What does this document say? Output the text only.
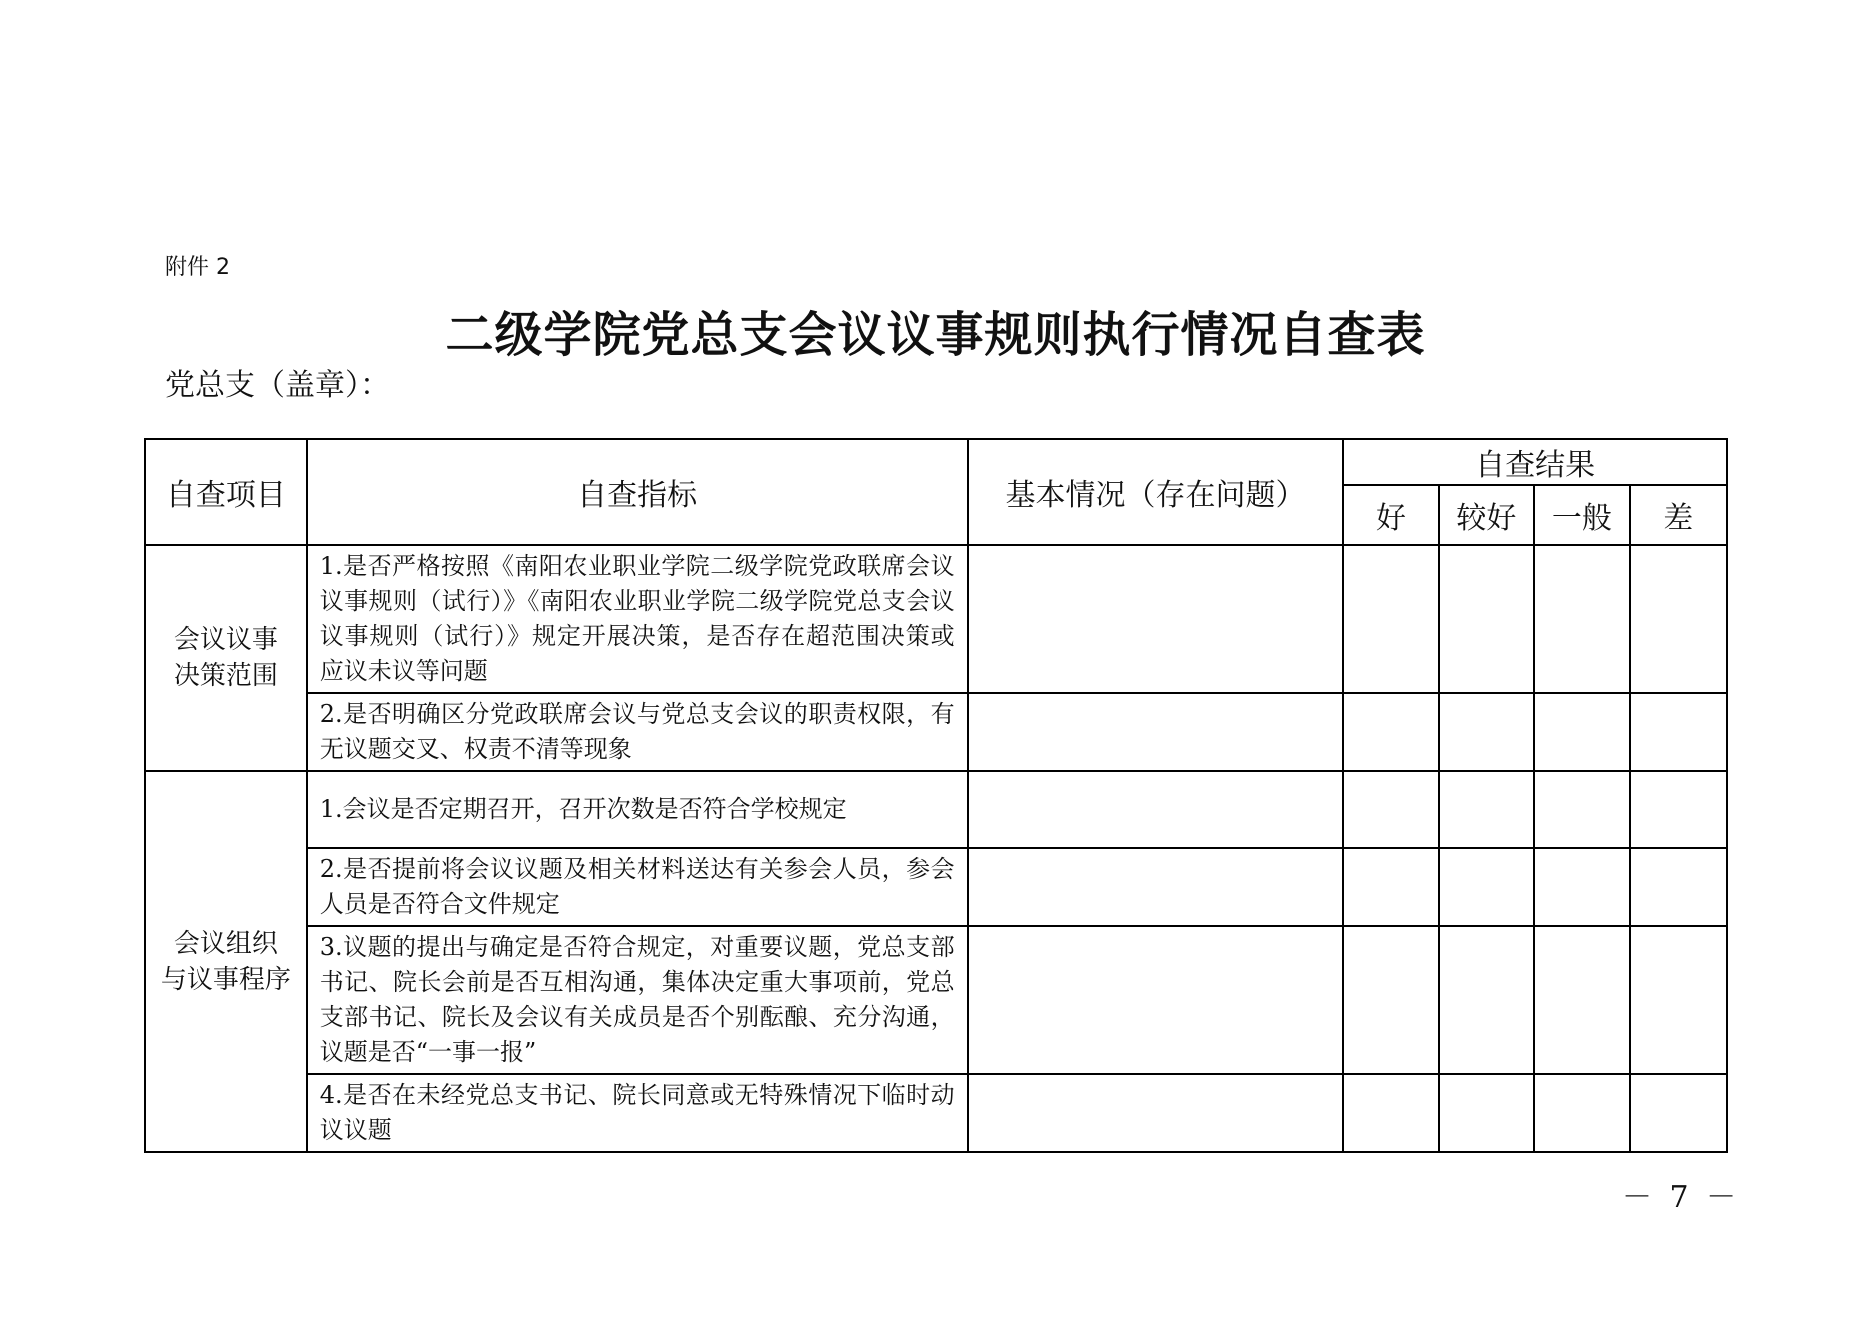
附件 2
二级学院党总支会议议事规则执行情况自查表
党总支（盖章）：
自查项目	自查指标	基本情况（存在问题）	自查结果			
			好	较好	一般	差

会议议事
决策范围	1.是否严格按照《南阳农业职业学院二级学院党政联席会议议事规则（试行）》《南阳农业职业学院二级学院党总支会议议事规则（试行）》规定开展决策，是否存在超范围决策或应议未议等问题					
	2.是否明确区分党政联席会议与党总支会议的职责权限，有无议题交叉、权责不清等现象					

会议组织
与议事程序	1.会议是否定期召开，召开次数是否符合学校规定					
	2.是否提前将会议议题及相关材料送达有关参会人员，参会人员是否符合文件规定					
	3.议题的提出与确定是否符合规定，对重要议题，党总支部书记、院长会前是否互相沟通，集体决定重大事项前，党总支部书记、院长及会议有关成员是否个别酝酿、充分沟通，议题是否“一事一报”					
	4.是否在未经党总支书记、院长同意或无特殊情况下临时动议议题					
－ 7 －
